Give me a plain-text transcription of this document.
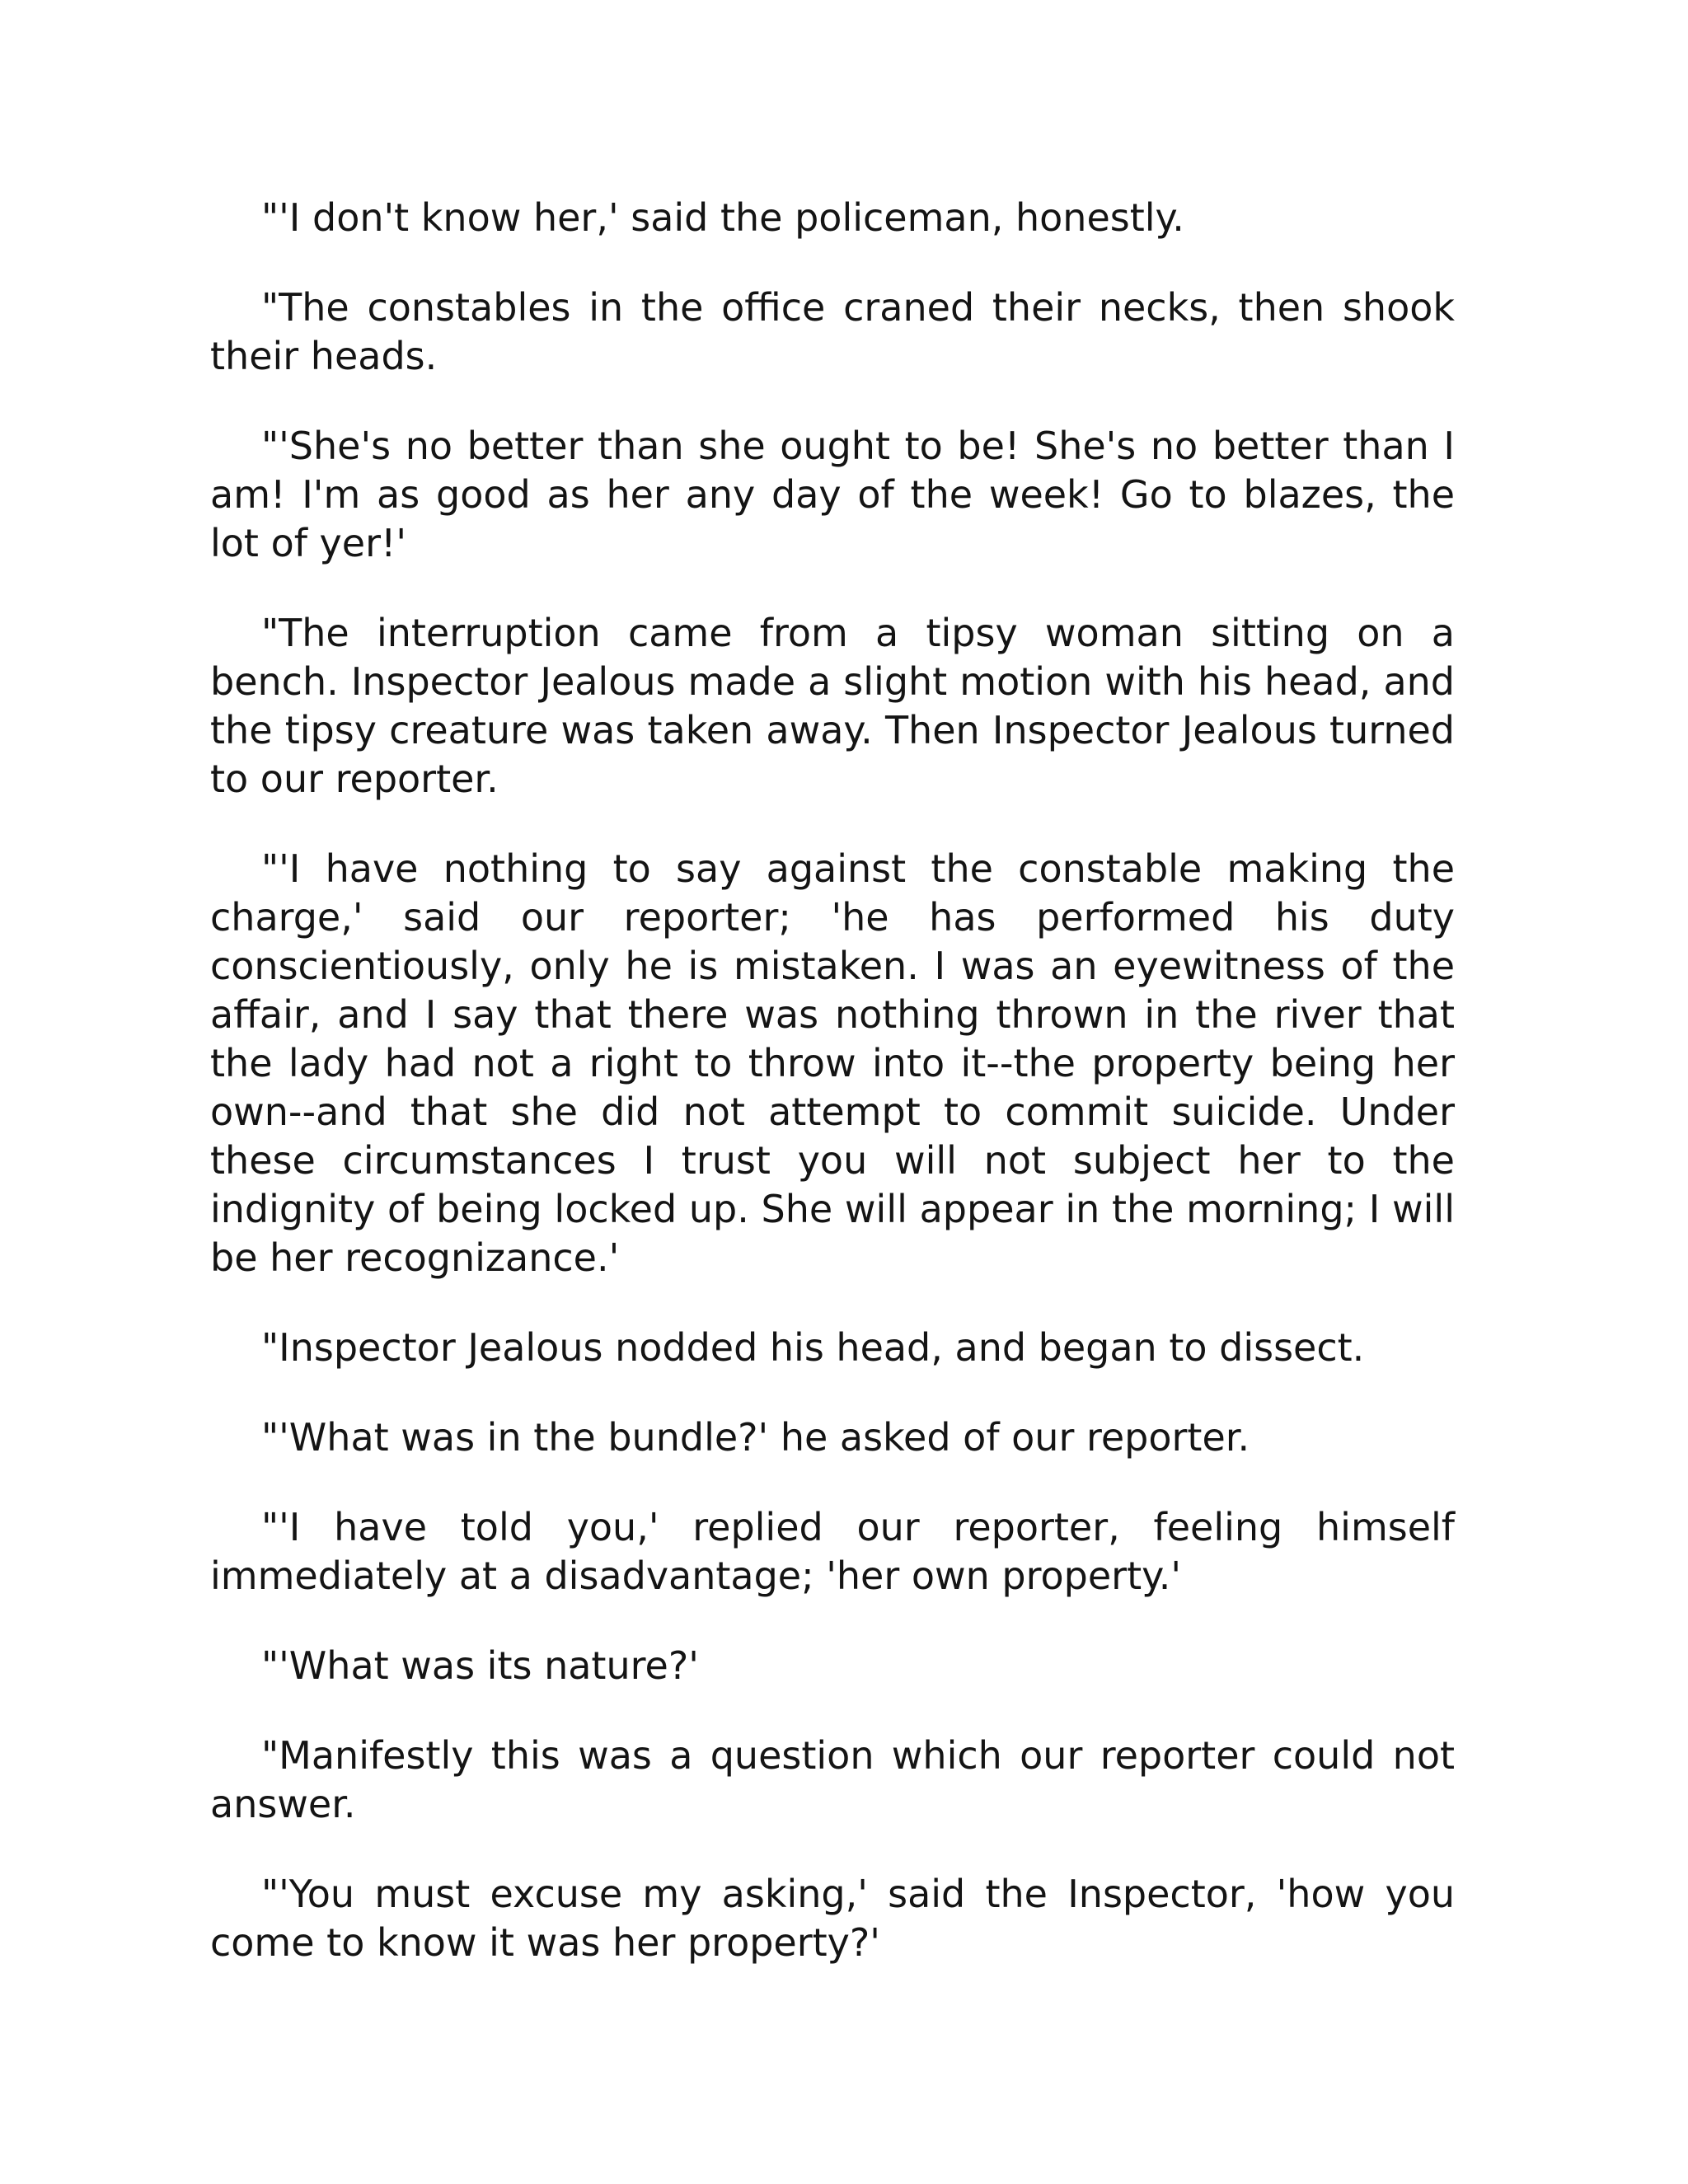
"'I don't know her,' said the policeman, honestly.

"The constables in the office craned their necks, then shook their heads.

"'She's no better than she ought to be! She's no better than I am! I'm as good as her any day of the week! Go to blazes, the lot of yer!'

"The interruption came from a tipsy woman sitting on a bench. Inspector Jealous made a slight motion with his head, and the tipsy creature was taken away. Then Inspector Jealous turned to our reporter.

"'I have nothing to say against the constable making the charge,' said our reporter; 'he has performed his duty conscientiously, only he is mistaken. I was an eyewitness of the affair, and I say that there was nothing thrown in the river that the lady had not a right to throw into it--the property being her own--and that she did not attempt to commit suicide. Under these circumstances I trust you will not subject her to the indignity of being locked up. She will appear in the morning; I will be her recognizance.'

"Inspector Jealous nodded his head, and began to dissect.

"'What was in the bundle?' he asked of our reporter.

"'I have told you,' replied our reporter, feeling himself immediately at a disadvantage; 'her own property.'

"'What was its nature?'

"Manifestly this was a question which our reporter could not answer.

"'You must excuse my asking,' said the Inspector, 'how you come to know it was her property?'
